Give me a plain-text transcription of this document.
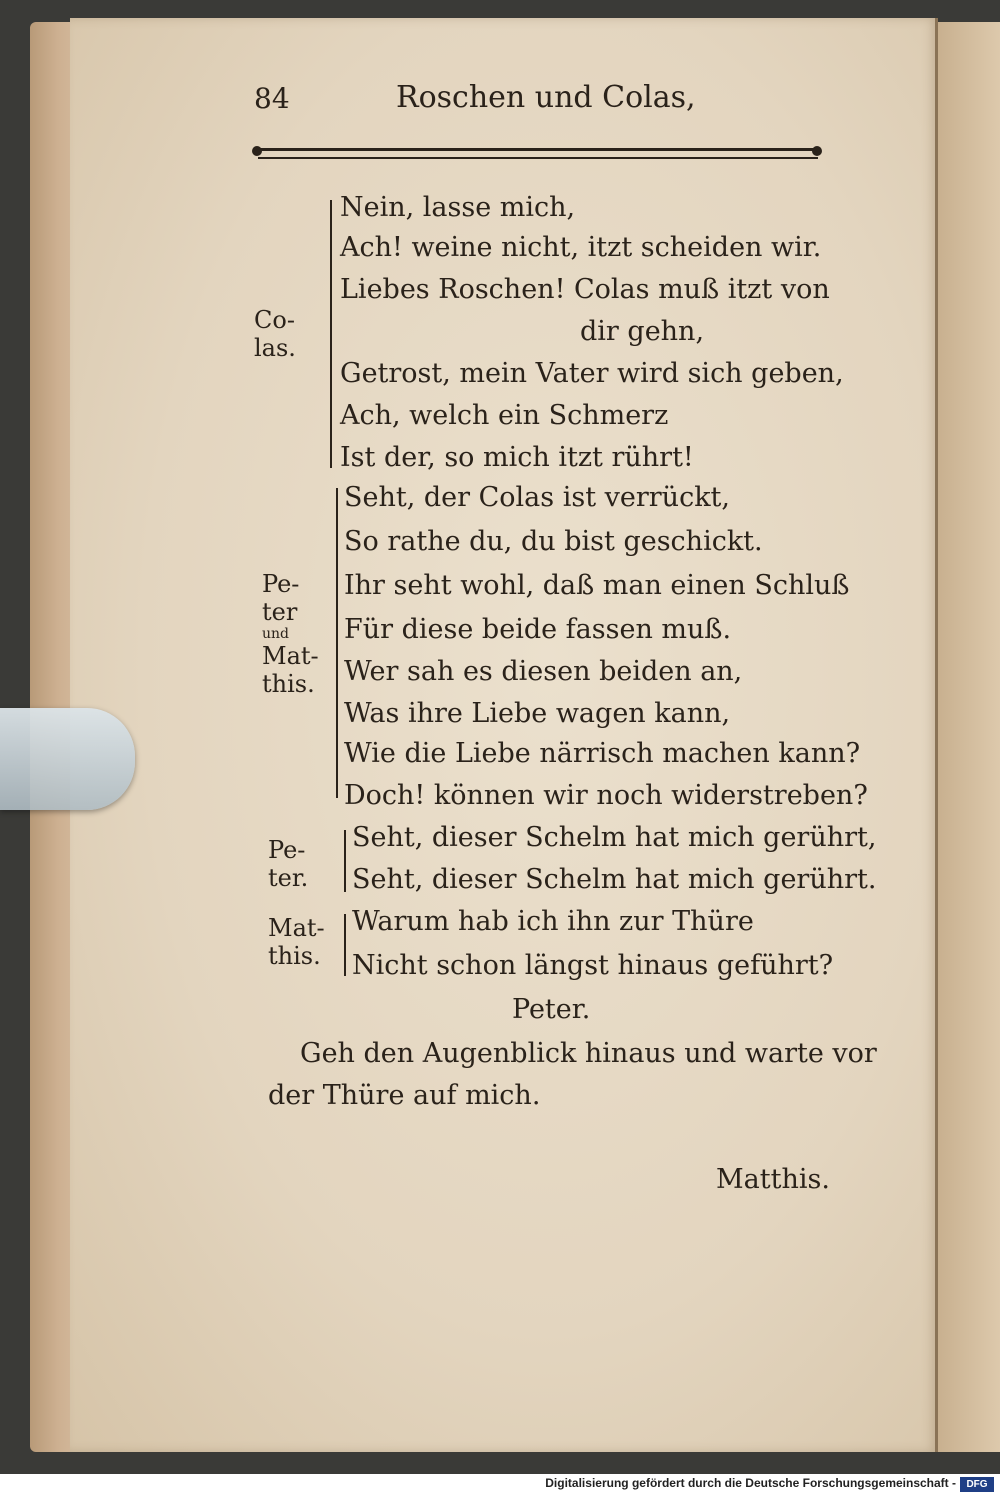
84	Roschen und Colas,
Co-
las.
Nein, lasse mich,
Ach! weine nicht, itzt scheiden wir.
Liebes Roschen! Colas muß itzt von
dir gehn,
Getrost, mein Vater wird sich geben,
Ach, welch ein Schmerz
Ist der, so mich itzt rührt!
Pe-
ter
und
Mat-
this.
Seht, der Colas ist verrückt,
So rathe du, du bist geschickt.
Ihr seht wohl, daß man einen Schluß
Für diese beide fassen muß.
Wer sah es diesen beiden an,
Was ihre Liebe wagen kann,
Wie die Liebe närrisch machen kann?
Doch! können wir noch widerstreben?
Pe-
ter.
Seht, dieser Schelm hat mich gerührt,
Seht, dieser Schelm hat mich gerührt.
Mat-
this.
Warum hab ich ihn zur Thüre
Nicht schon längst hinaus geführt?
Peter.
Geh den Augenblick hinaus und warte vor
der Thüre auf mich.
Matthis.
Digitalisierung gefördert durch die Deutsche Forschungsgemeinschaft -	DFG
